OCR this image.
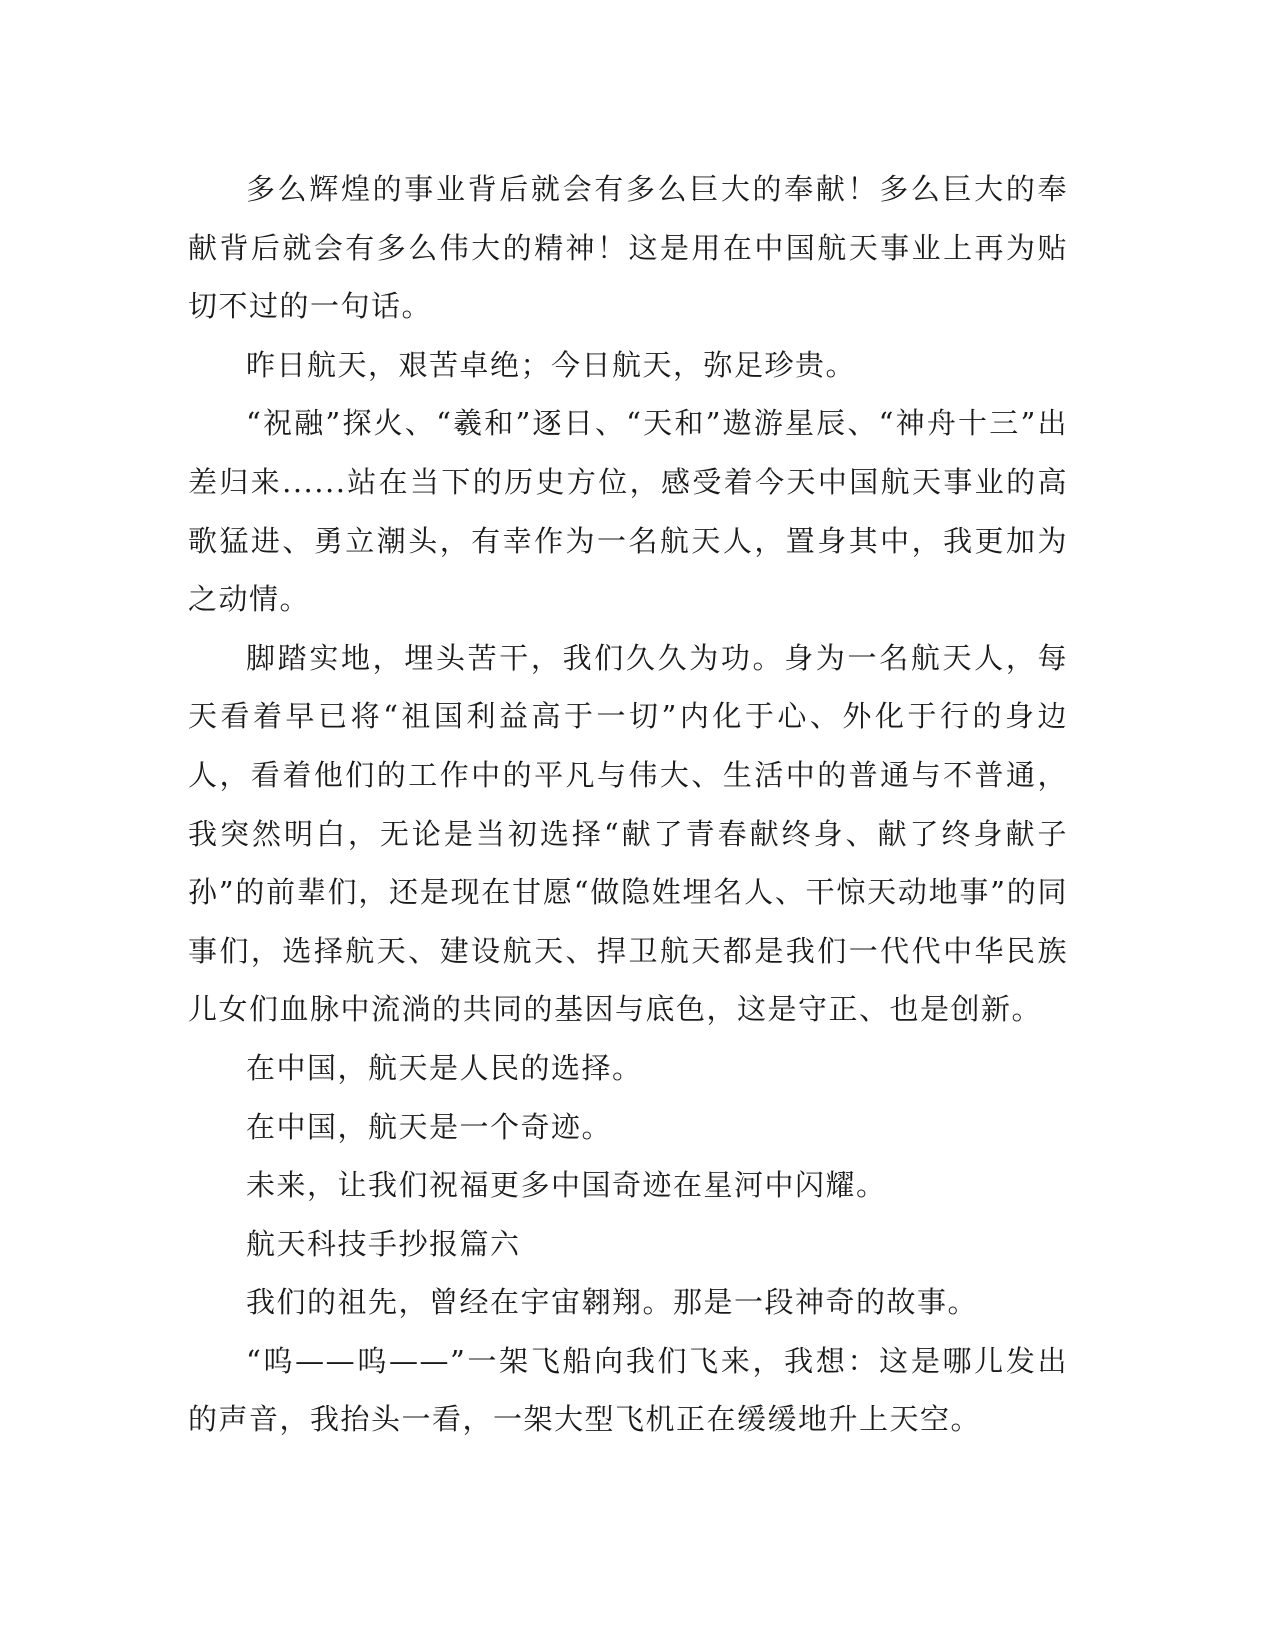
多么辉煌的事业背后就会有多么巨大的奉献！多么巨大的奉献背后就会有多么伟大的精神！这是用在中国航天事业上再为贴切不过的一句话。

昨日航天，艰苦卓绝；今日航天，弥足珍贵。

“祝融”探火、“羲和”逐日、“天和”遨游星辰、“神舟十三”出差归来......站在当下的历史方位，感受着今天中国航天事业的高歌猛进、勇立潮头，有幸作为一名航天人，置身其中，我更加为之动情。

脚踏实地，埋头苦干，我们久久为功。身为一名航天人，每天看着早已将“祖国利益高于一切”内化于心、外化于行的身边人，看着他们的工作中的平凡与伟大、生活中的普通与不普通，我突然明白，无论是当初选择“献了青春献终身、献了终身献子孙”的前辈们，还是现在甘愿“做隐姓埋名人、干惊天动地事”的同事们，选择航天、建设航天、捍卫航天都是我们一代代中华民族儿女们血脉中流淌的共同的基因与底色，这是守正、也是创新。

在中国，航天是人民的选择。

在中国，航天是一个奇迹。

未来，让我们祝福更多中国奇迹在星河中闪耀。

航天科技手抄报篇六

我们的祖先，曾经在宇宙翱翔。那是一段神奇的故事。

“呜——呜——”一架飞船向我们飞来，我想：这是哪儿发出的声音，我抬头一看，一架大型飞机正在缓缓地升上天空。
